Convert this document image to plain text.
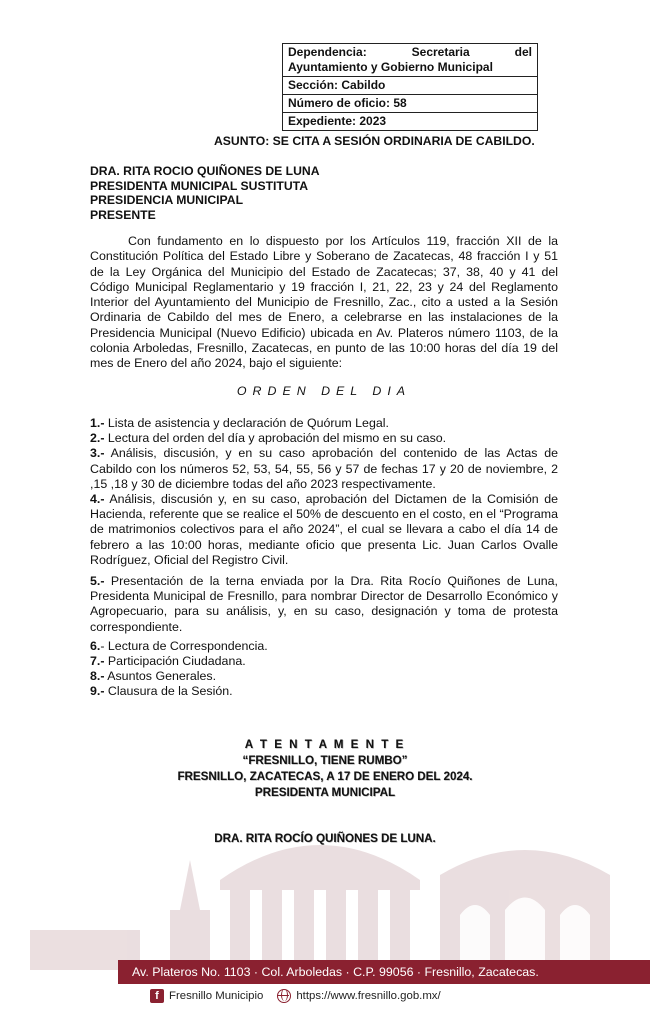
Dependencia:	Secretaria	del
Ayuntamiento y Gobierno Municipal

Sección: Cabildo
Número de oficio: 58
Expediente: 2023
ASUNTO: SE CITA A SESIÓN ORDINARIA DE CABILDO.
DRA. RITA ROCIO QUIÑONES DE LUNA
PRESIDENTA MUNICIPAL SUSTITUTA
PRESIDENCIA MUNICIPAL
PRESENTE

Con fundamento en lo dispuesto por los Artículos 119, fracción XII de la Constitución Política del Estado Libre y Soberano de Zacatecas, 48 fracción I y 51 de la Ley Orgánica del Municipio del Estado de Zacatecas; 37, 38, 40 y 41 del Código Municipal Reglamentario y 19 fracción I, 21, 22, 23 y 24 del Reglamento Interior del Ayuntamiento del Municipio de Fresnillo, Zac., cito a usted a la Sesión Ordinaria de Cabildo del mes de Enero, a celebrarse en las instalaciones de la Presidencia Municipal (Nuevo Edificio) ubicada en Av. Plateros número 1103, de la colonia Arboledas, Fresnillo, Zacatecas, en punto de las 10:00 horas del día 19 del mes de Enero del año 2024, bajo el siguiente:

ORDEN DEL DIA

1.- Lista de asistencia y declaración de Quórum Legal.

2.- Lectura del orden del día y aprobación del mismo en su caso.

3.- Análisis, discusión, y en su caso aprobación del contenido de las Actas de Cabildo con los números 52, 53, 54, 55, 56 y 57 de fechas 17 y 20 de noviembre, 2 ,15 ,18 y 30 de diciembre todas del año 2023 respectivamente.

4.- Análisis, discusión y, en su caso, aprobación del Dictamen de la Comisión de Hacienda, referente que se realice el 50% de descuento en el costo, en el “Programa de matrimonios colectivos para el año 2024”, el cual se llevara a cabo el día 14 de febrero a las 10:00 horas, mediante oficio que presenta Lic. Juan Carlos Ovalle Rodríguez, Oficial del Registro Civil.

5.- Presentación de la terna enviada por la Dra. Rita Rocío Quiñones de Luna, Presidenta Municipal de Fresnillo, para nombrar Director de Desarrollo Económico y Agropecuario, para su análisis, y, en su caso, designación y toma de protesta correspondiente.

6.- Lectura de Correspondencia.

7.- Participación Ciudadana.

8.- Asuntos Generales.

9.- Clausura de la Sesión.

A T E N T A M E N T E
“FRESNILLO, TIENE RUMBO”
FRESNILLO, ZACATECAS, A 17 DE ENERO DEL 2024.
PRESIDENTA MUNICIPAL
DRA. RITA ROCÍO QUIÑONES DE LUNA.
Av. Plateros No. 1103 · Col. Arboledas · C.P. 99056 · Fresnillo, Zacatecas.
f Fresnillo Municipio	https://www.fresnillo.gob.mx/
